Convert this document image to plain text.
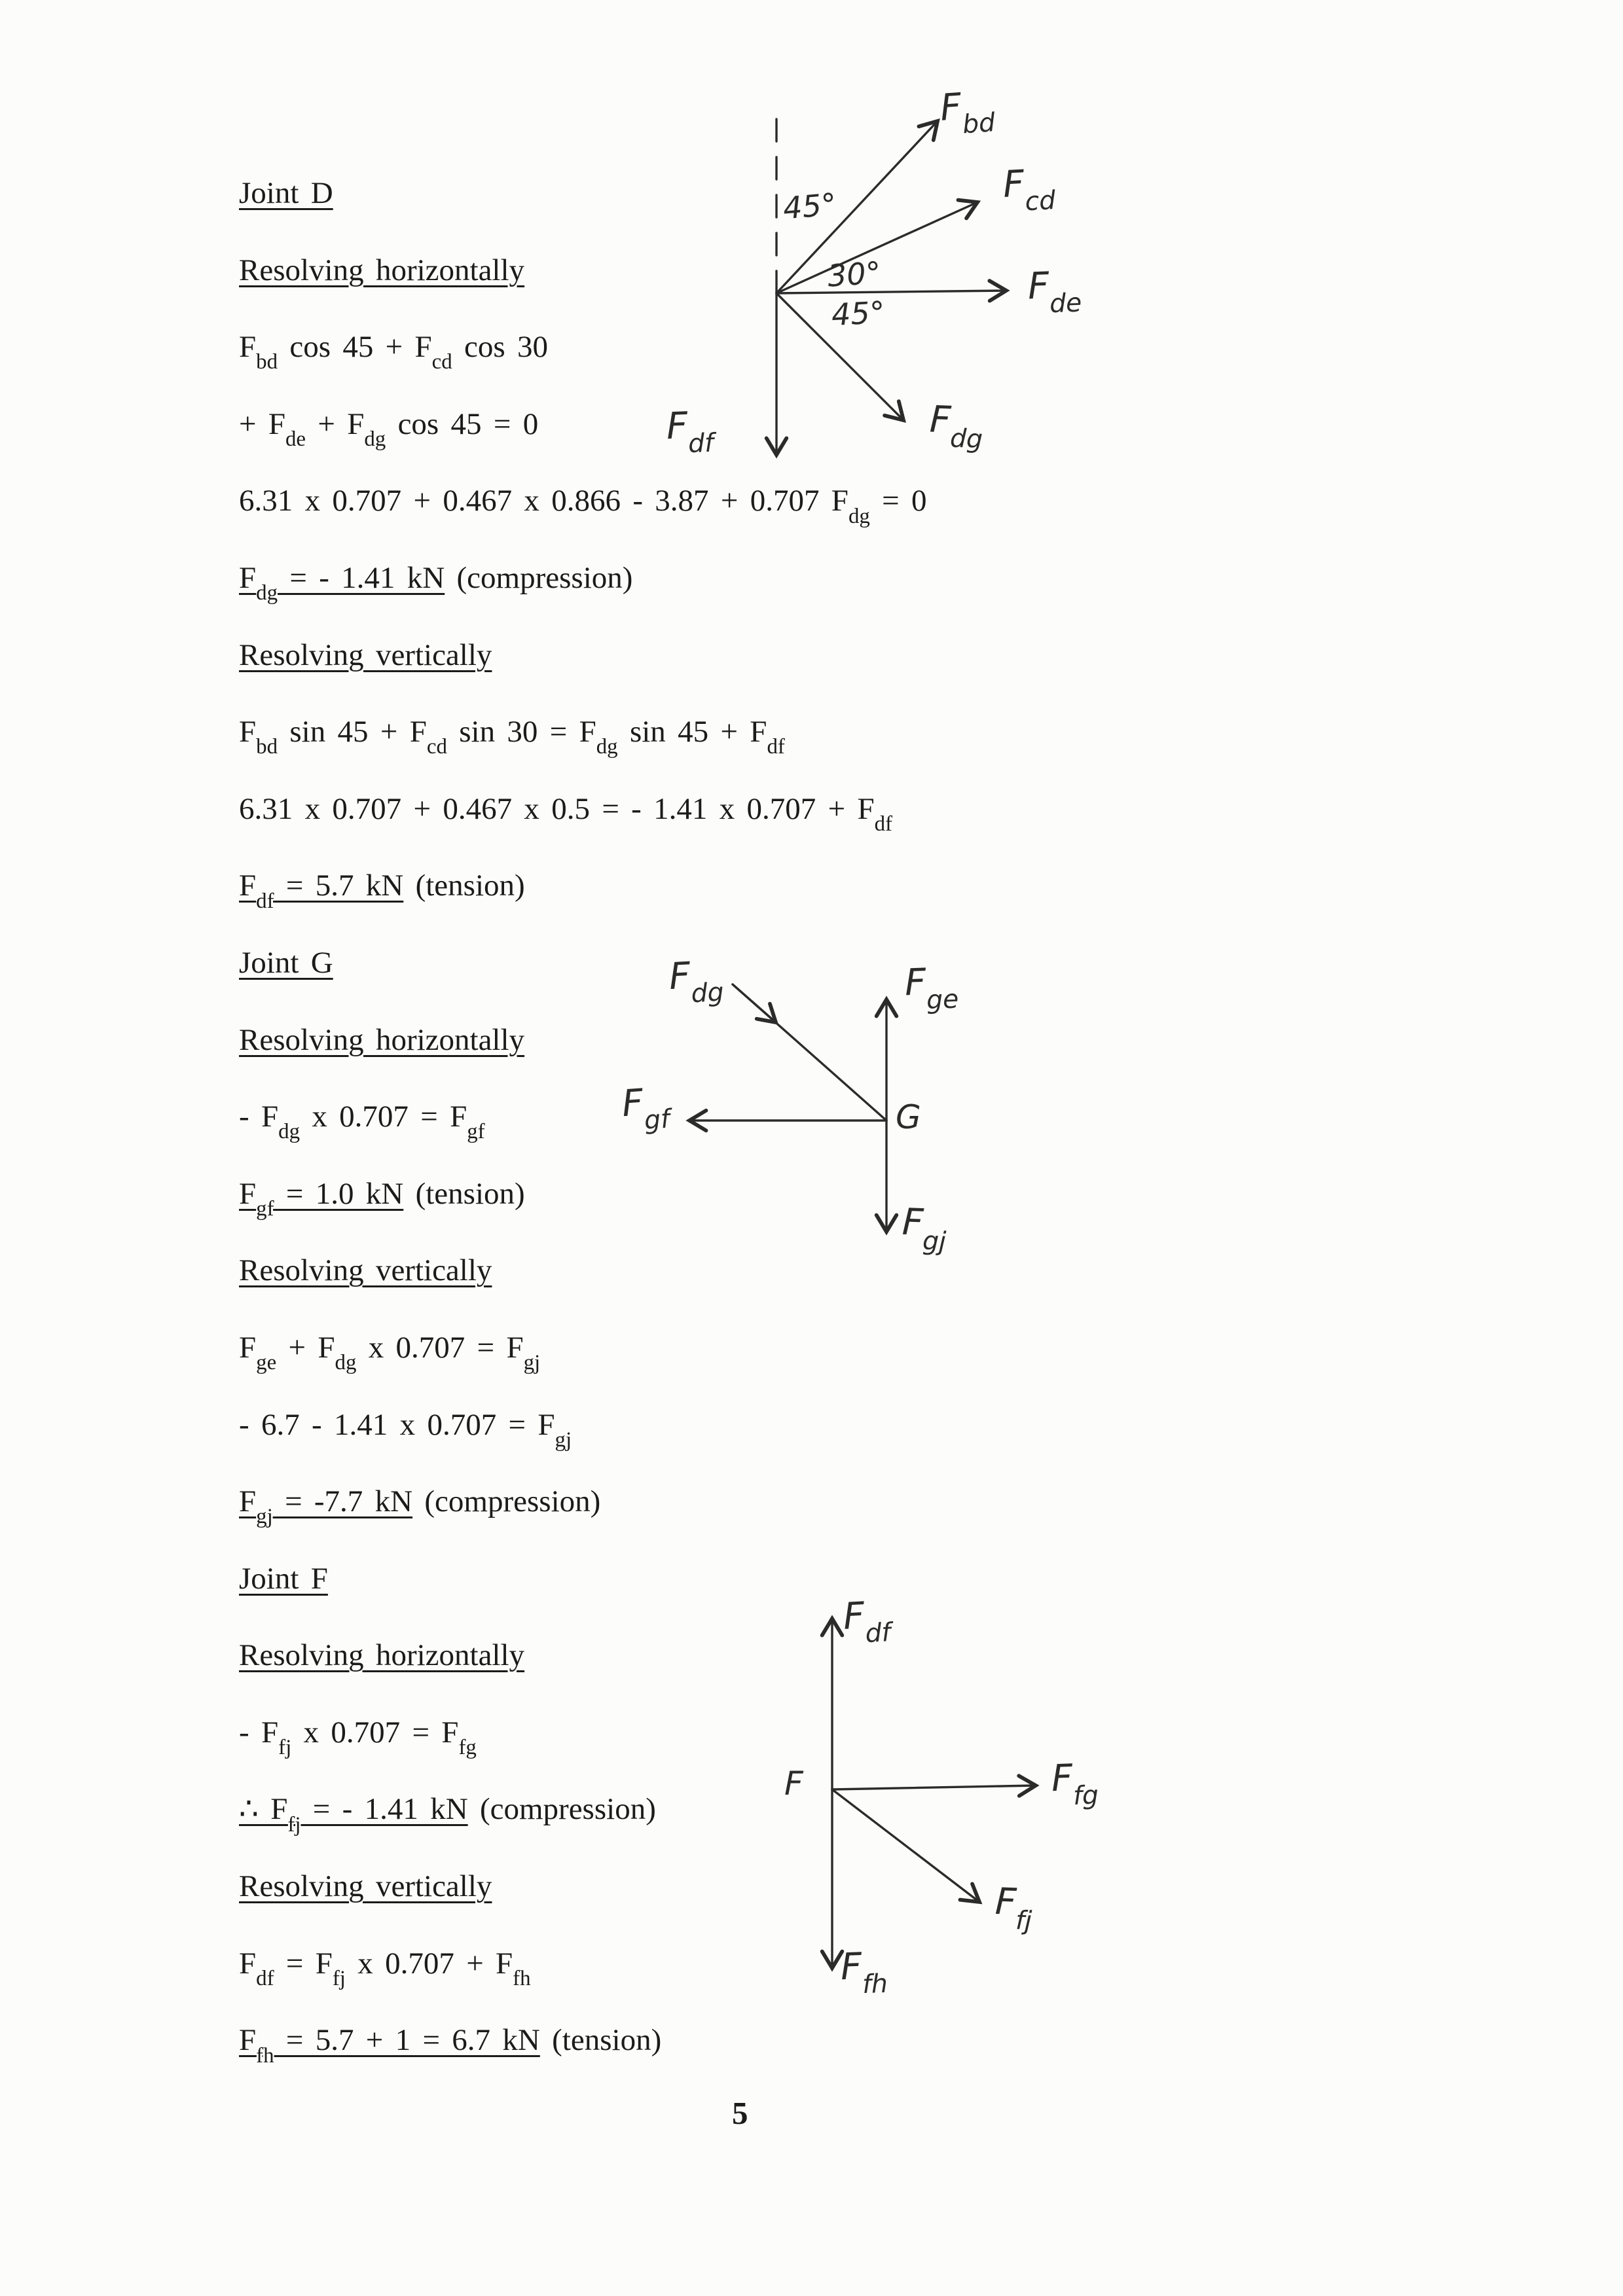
Joint D
Resolving horizontally
$F_{bd}$ $\cos 45 + F_{cd}$ cos 30
+ $F_{de} + F_{dg}$ cos 45 = 0
6.31 x 0.707 + 0.467 x 0.866 - 3.87 + 0.707 $F_{dg} = 0$
$F_{dg}$ = - 1.41 kN (compression)
Resolving vertically
$F_{bd}$ $\sin 45 + F_{cd}$ $\sin 30 = F_{dg}$ $\sin 45 + F_{df}$
6.31 x 0.707 + 0.467 x 0.5 = - 1.41 x $0.707 + F_{df}$
$F_{df} = 5.7$ kN (tension)
Joint G
Resolving horizontally
- $F_{dg}$ x $0.707 = F_{gf}$
$F_{gf} = 1.0$ kN (tension)
Resolving vertically
$F_{ge} + F_{dg}$ x $0.707 = F_{gj}$
- 6.7 - 1.41 x $0.707 = F_{gj}$
$F_{gj} = -7.7$ kN (compression)
Joint F
Resolving horizontally
- $F_{fj}$ x $0.707 = F_{fg}$
∴ $F_{fj}$ = - 1.41 kN (compression)
Resolving vertically
$F_{df} = F_{fj}$ x $0.707 + F_{fh}$
$F_{fh} = 5.7 + 1 = 6.7$ kN (tension)
$F_{bd}$
$F_{cd}$
$F_{de}$
$F_{dg}$
$F_{df}$
45°
30°
45°
$F_{dg}$	$F_{ge}$
$F_{gf}$
$F_{gj}$
G
$F_{df}$
$F_{fg}$
$F_{fj}$
$F_{fh}$
F
5
